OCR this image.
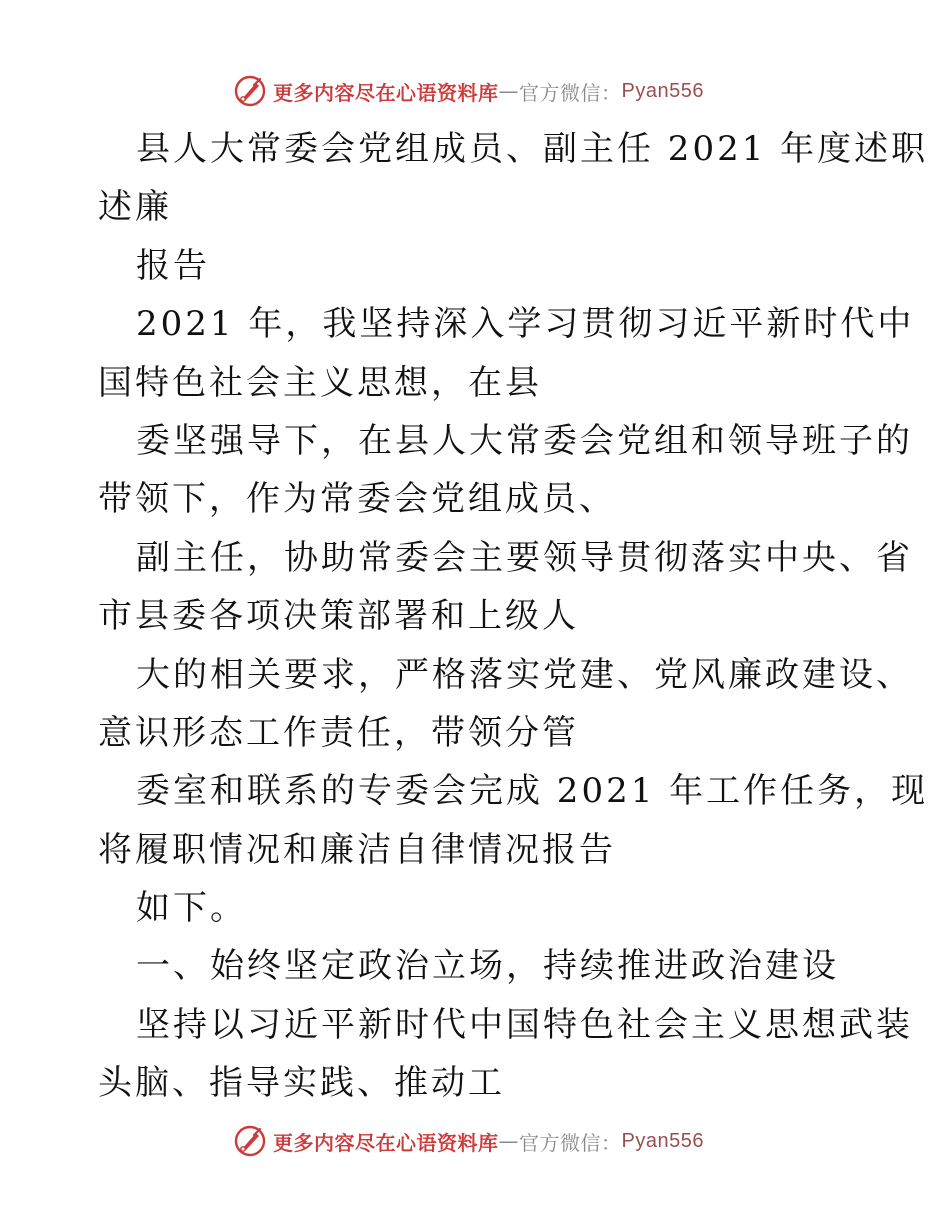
更多内容尽在心语资料库 — 官方微信： Pyan556
县人大常委会党组成员、副主任 2021 年度述职
述廉
报告
2021 年，我坚持深入学习贯彻习近平新时代中
国特色社会主义思想，在县
委坚强导下，在县人大常委会党组和领导班子的
带领下，作为常委会党组成员、
副主任，协助常委会主要领导贯彻落实中央、省
市县委各项决策部署和上级人
大的相关要求，严格落实党建、党风廉政建设、
意识形态工作责任，带领分管
委室和联系的专委会完成 2021 年工作任务，现
将履职情况和廉洁自律情况报告
如下。
一、始终坚定政治立场，持续推进政治建设
坚持以习近平新时代中国特色社会主义思想武装
头脑、指导实践、推动工
更多内容尽在心语资料库 — 官方微信： Pyan556
